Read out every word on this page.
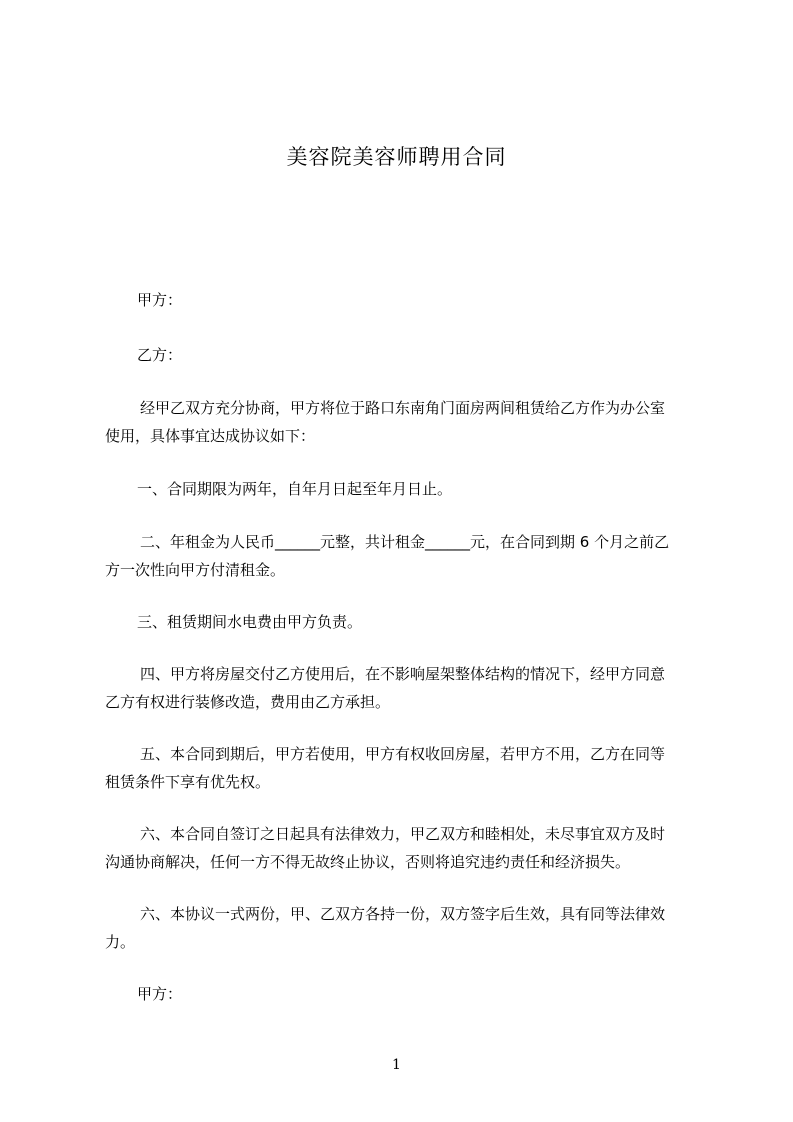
美容院美容师聘用合同

甲方：

乙方：

经甲乙双方充分协商，甲方将位于路口东南角门面房两间租赁给乙方作为办公室

使用，具体事宜达成协议如下：

一、合同期限为两年，自年月日起至年月日止。

二、年租金为人民币______元整，共计租金______元，在合同到期 6 个月之前乙

方一次性向甲方付清租金。

三、租赁期间水电费由甲方负责。

四、甲方将房屋交付乙方使用后，在不影响屋架整体结构的情况下，经甲方同意

乙方有权进行装修改造，费用由乙方承担。

五、本合同到期后，甲方若使用，甲方有权收回房屋，若甲方不用，乙方在同等

租赁条件下享有优先权。

六、本合同自签订之日起具有法律效力，甲乙双方和睦相处，未尽事宜双方及时

沟通协商解决，任何一方不得无故终止协议，否则将追究违约责任和经济损失。

六、本协议一式两份，甲、乙双方各持一份，双方签字后生效，具有同等法律效

力。

甲方：

1
